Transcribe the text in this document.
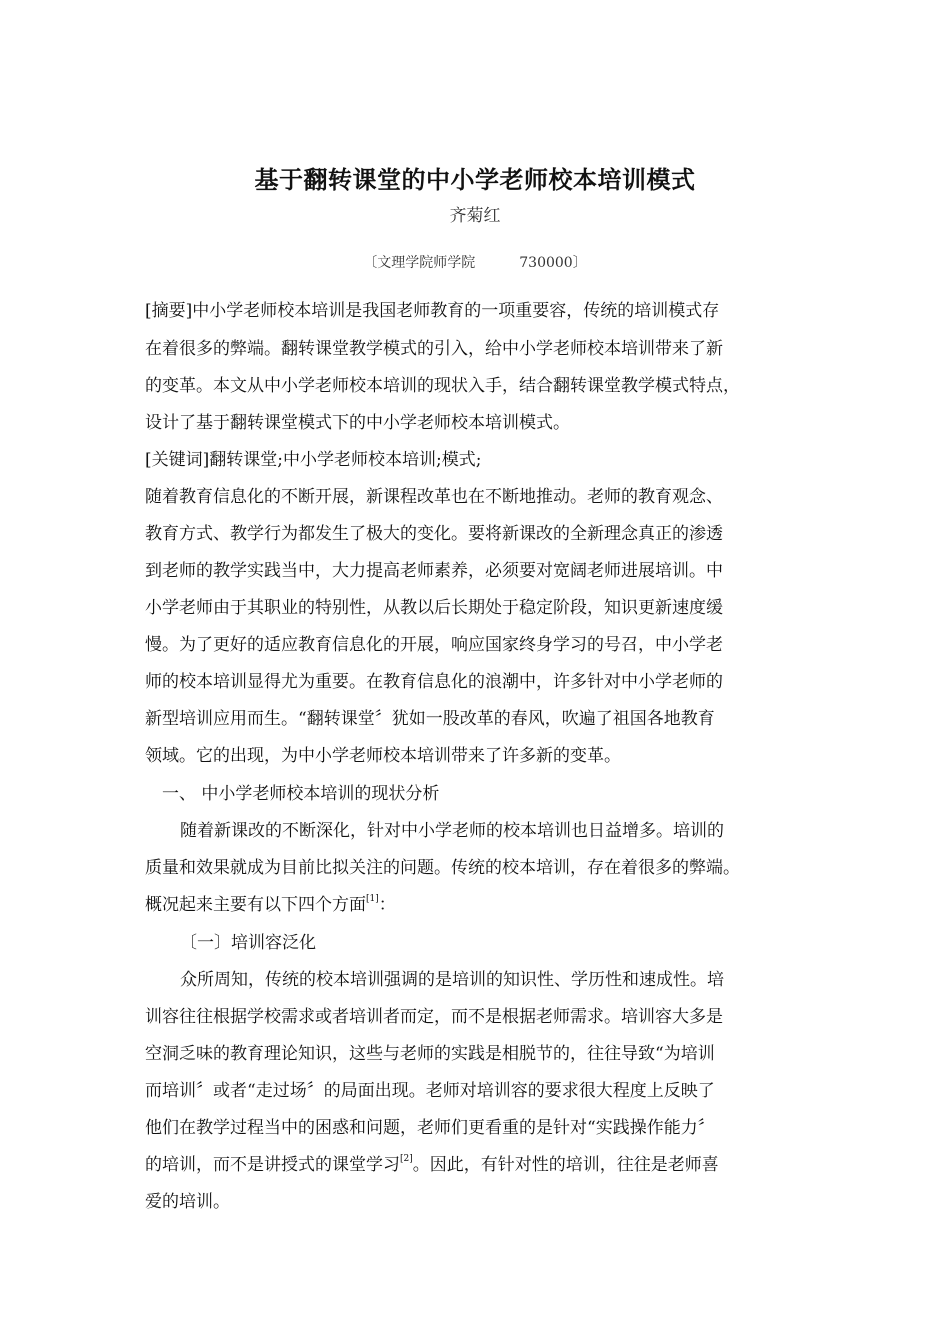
基于翻转课堂的中小学老师校本培训模式
齐菊红
〔文理学院师学院	730000〕
[摘要]中小学老师校本培训是我国老师教育的一项重要容，传统的培训模式存
在着很多的弊端。翻转课堂教学模式的引入，给中小学老师校本培训带来了新
的变革。本文从中小学老师校本培训的现状入手，结合翻转课堂教学模式特点，
设计了基于翻转课堂模式下的中小学老师校本培训模式。
[关键词]翻转课堂;中小学老师校本培训;模式;
随着教育信息化的不断开展，新课程改革也在不断地推动。老师的教育观念、
教育方式、教学行为都发生了极大的变化。要将新课改的全新理念真正的渗透
到老师的教学实践当中，大力提高老师素养，必须要对宽阔老师进展培训。中
小学老师由于其职业的特别性，从教以后长期处于稳定阶段，知识更新速度缓
慢。为了更好的适应教育信息化的开展，响应国家终身学习的号召，中小学老
师的校本培训显得尤为重要。在教育信息化的浪潮中，许多针对中小学老师的
新型培训应用而生。“翻转课堂〞犹如一股改革的春风，吹遍了祖国各地教育
领域。它的出现，为中小学老师校本培训带来了许多新的变革。
一、 中小学老师校本培训的现状分析
随着新课改的不断深化，针对中小学老师的校本培训也日益增多。培训的
质量和效果就成为目前比拟关注的问题。传统的校本培训，存在着很多的弊端。
概况起来主要有以下四个方面[1]：
〔一〕培训容泛化
众所周知，传统的校本培训强调的是培训的知识性、学历性和速成性。培
训容往往根据学校需求或者培训者而定，而不是根据老师需求。培训容大多是
空洞乏味的教育理论知识，这些与老师的实践是相脱节的，往往导致“为培训
而培训〞或者“走过场〞的局面出现。老师对培训容的要求很大程度上反映了
他们在教学过程当中的困惑和问题，老师们更看重的是针对“实践操作能力〞
的培训，而不是讲授式的课堂学习[2]。因此，有针对性的培训，往往是老师喜
爱的培训。
